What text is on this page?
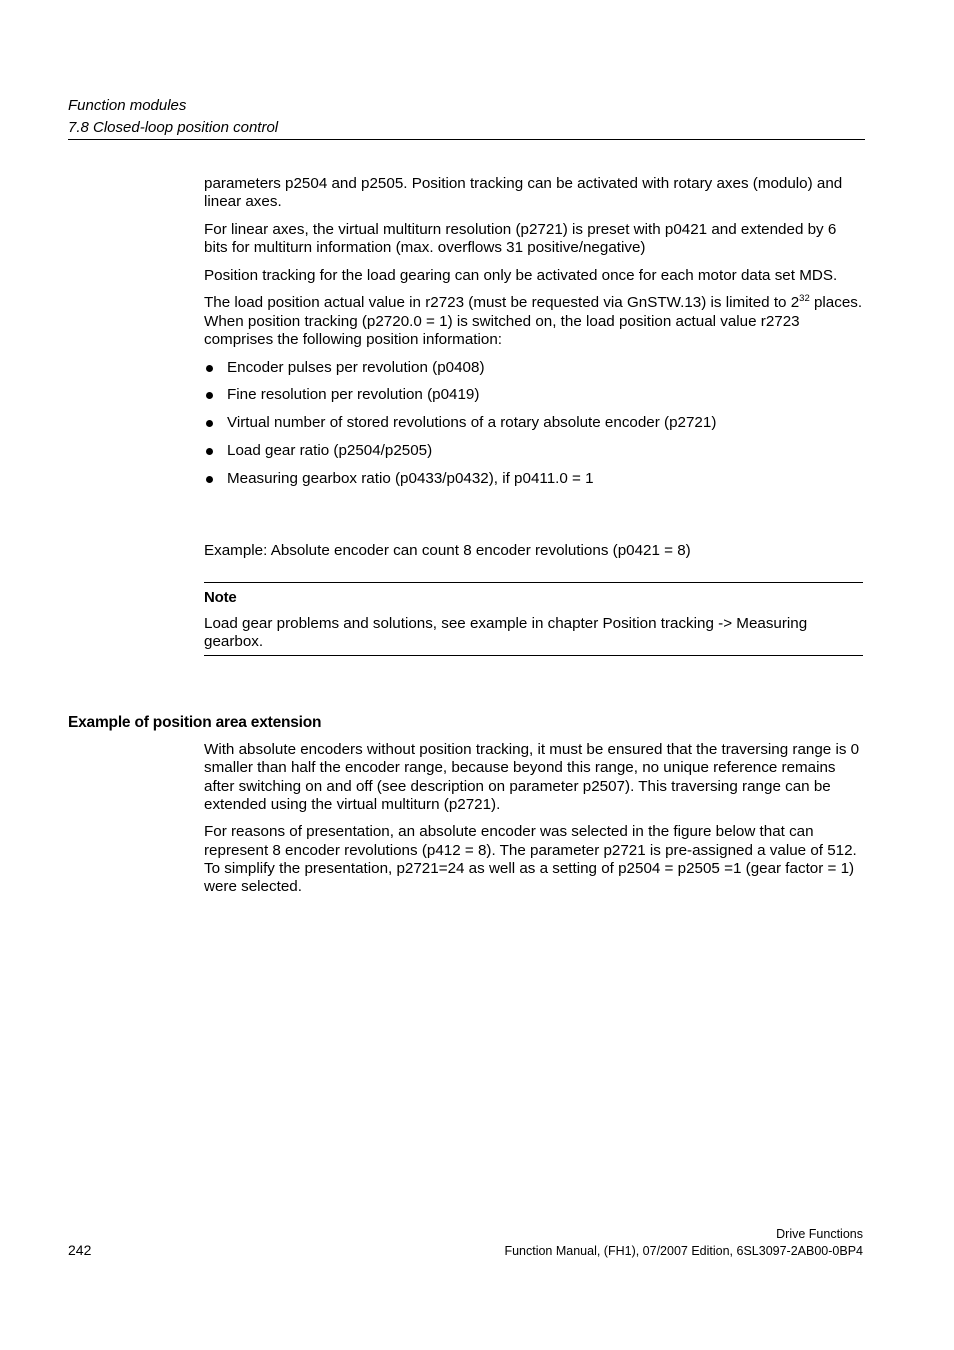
Function modules
7.8 Closed-loop position control

parameters p2504 and p2505. Position tracking can be activated with rotary axes (modulo) and linear axes.

For linear axes, the virtual multiturn resolution (p2721) is preset with p0421 and extended by 6 bits for multiturn information (max. overflows 31 positive/negative)

Position tracking for the load gearing can only be activated once for each motor data set MDS.

The load position actual value in r2723 (must be requested via GnSTW.13) is limited to $2^{32}$ places. When position tracking (p2720.0 = 1) is switched on, the load position actual value r2723 comprises the following position information:

Encoder pulses per revolution (p0408)
Fine resolution per revolution (p0419)
Virtual number of stored revolutions of a rotary absolute encoder (p2721)
Load gear ratio (p2504/p2505)
Measuring gearbox ratio (p0433/p0432), if p0411.0 = 1
Example: Absolute encoder can count 8 encoder revolutions (p0421 = 8)
Note
Load gear problems and solutions, see example in chapter Position tracking -> Measuring gearbox.
Example of position area extension

With absolute encoders without position tracking, it must be ensured that the traversing range is 0 smaller than half the encoder range, because beyond this range, no unique reference remains after switching on and off (see description on parameter p2507). This traversing range can be extended using the virtual multiturn (p2721).

For reasons of presentation, an absolute encoder was selected in the figure below that can represent 8 encoder revolutions (p412 = 8). The parameter p2721 is pre-assigned a value of 512. To simplify the presentation, p2721=24 as well as a setting of p2504 = p2505 =1 (gear factor = 1) were selected.

Drive Functions
Function Manual, (FH1), 07/2007 Edition, 6SL3097-2AB00-0BP4
242
